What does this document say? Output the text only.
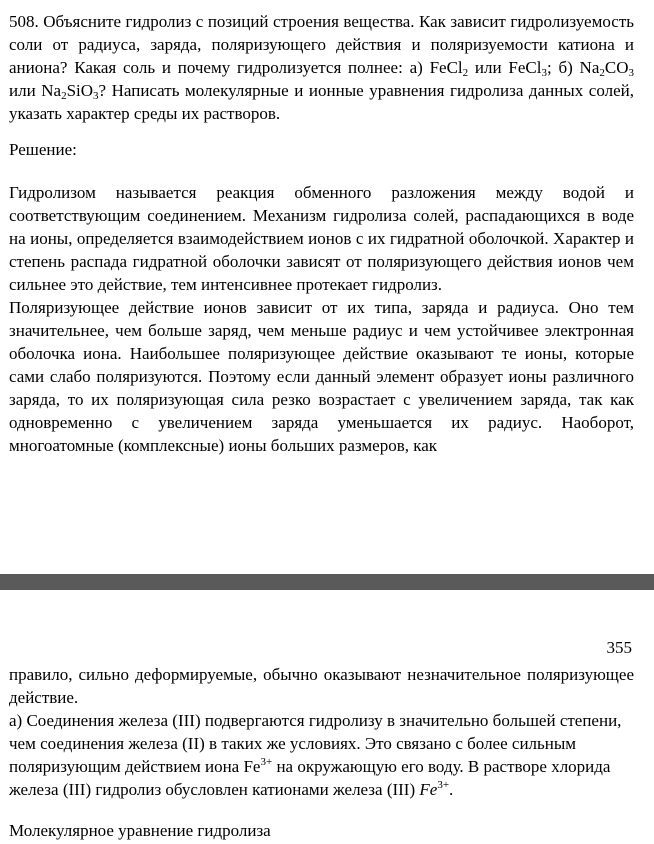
508. Объясните гидролиз с позиций строения вещества. Как зависит гидролизуемость соли от радиуса, заряда, поляризующего действия и поляризуемости катиона и аниона? Какая соль и почему гидролизуется полнее: а) FeCl$_2$ или FeCl$_3$; б) $Na_2CO_3$ или $Na_2SiO_3$? Написать молекулярные и ионные уравнения гидролиза данных солей, указать характер среды их растворов.

Решение:

Гидролизом называется реакция обменного разложения между водой и соответствующим соединением. Механизм гидролиза солей, распадающихся в воде на ионы, определяется взаимодействием ионов с их гидратной оболочкой. Характер и степень распада гидратной оболочки зависят от поляризующего действия ионов чем сильнее это действие, тем интенсивнее протекает гидролиз.

Поляризующее действие ионов зависит от их типа, заряда и радиуса. Оно тем значительнее, чем больше заряд, чем меньше радиус и чем устойчивее электронная оболочка иона. Наибольшее поляризующее действие оказывают те ионы, которые сами слабо поляризуются. Поэтому если данный элемент образует ионы различного заряда, то их поляризующая сила резко возрастает с увеличением заряда, так как одновременно с увеличением заряда уменьшается их радиус. Наоборот, многоатомные (комплексные) ионы больших размеров, как

355

правило, сильно деформируемые, обычно оказывают незначительное поляризующее действие.

а) Соединения железа (III) подвергаются гидролизу в значительно большей степени, чем соединения железа (II) в таких же условиях. Это связано с более сильным поляризующим действием иона $Fe^{3+}$ на окружающую его воду. В растворе хлорида железа (III) гидролиз обусловлен катионами железа (III) $Fe^{3+}$.

Молекулярное уравнение гидролиза
